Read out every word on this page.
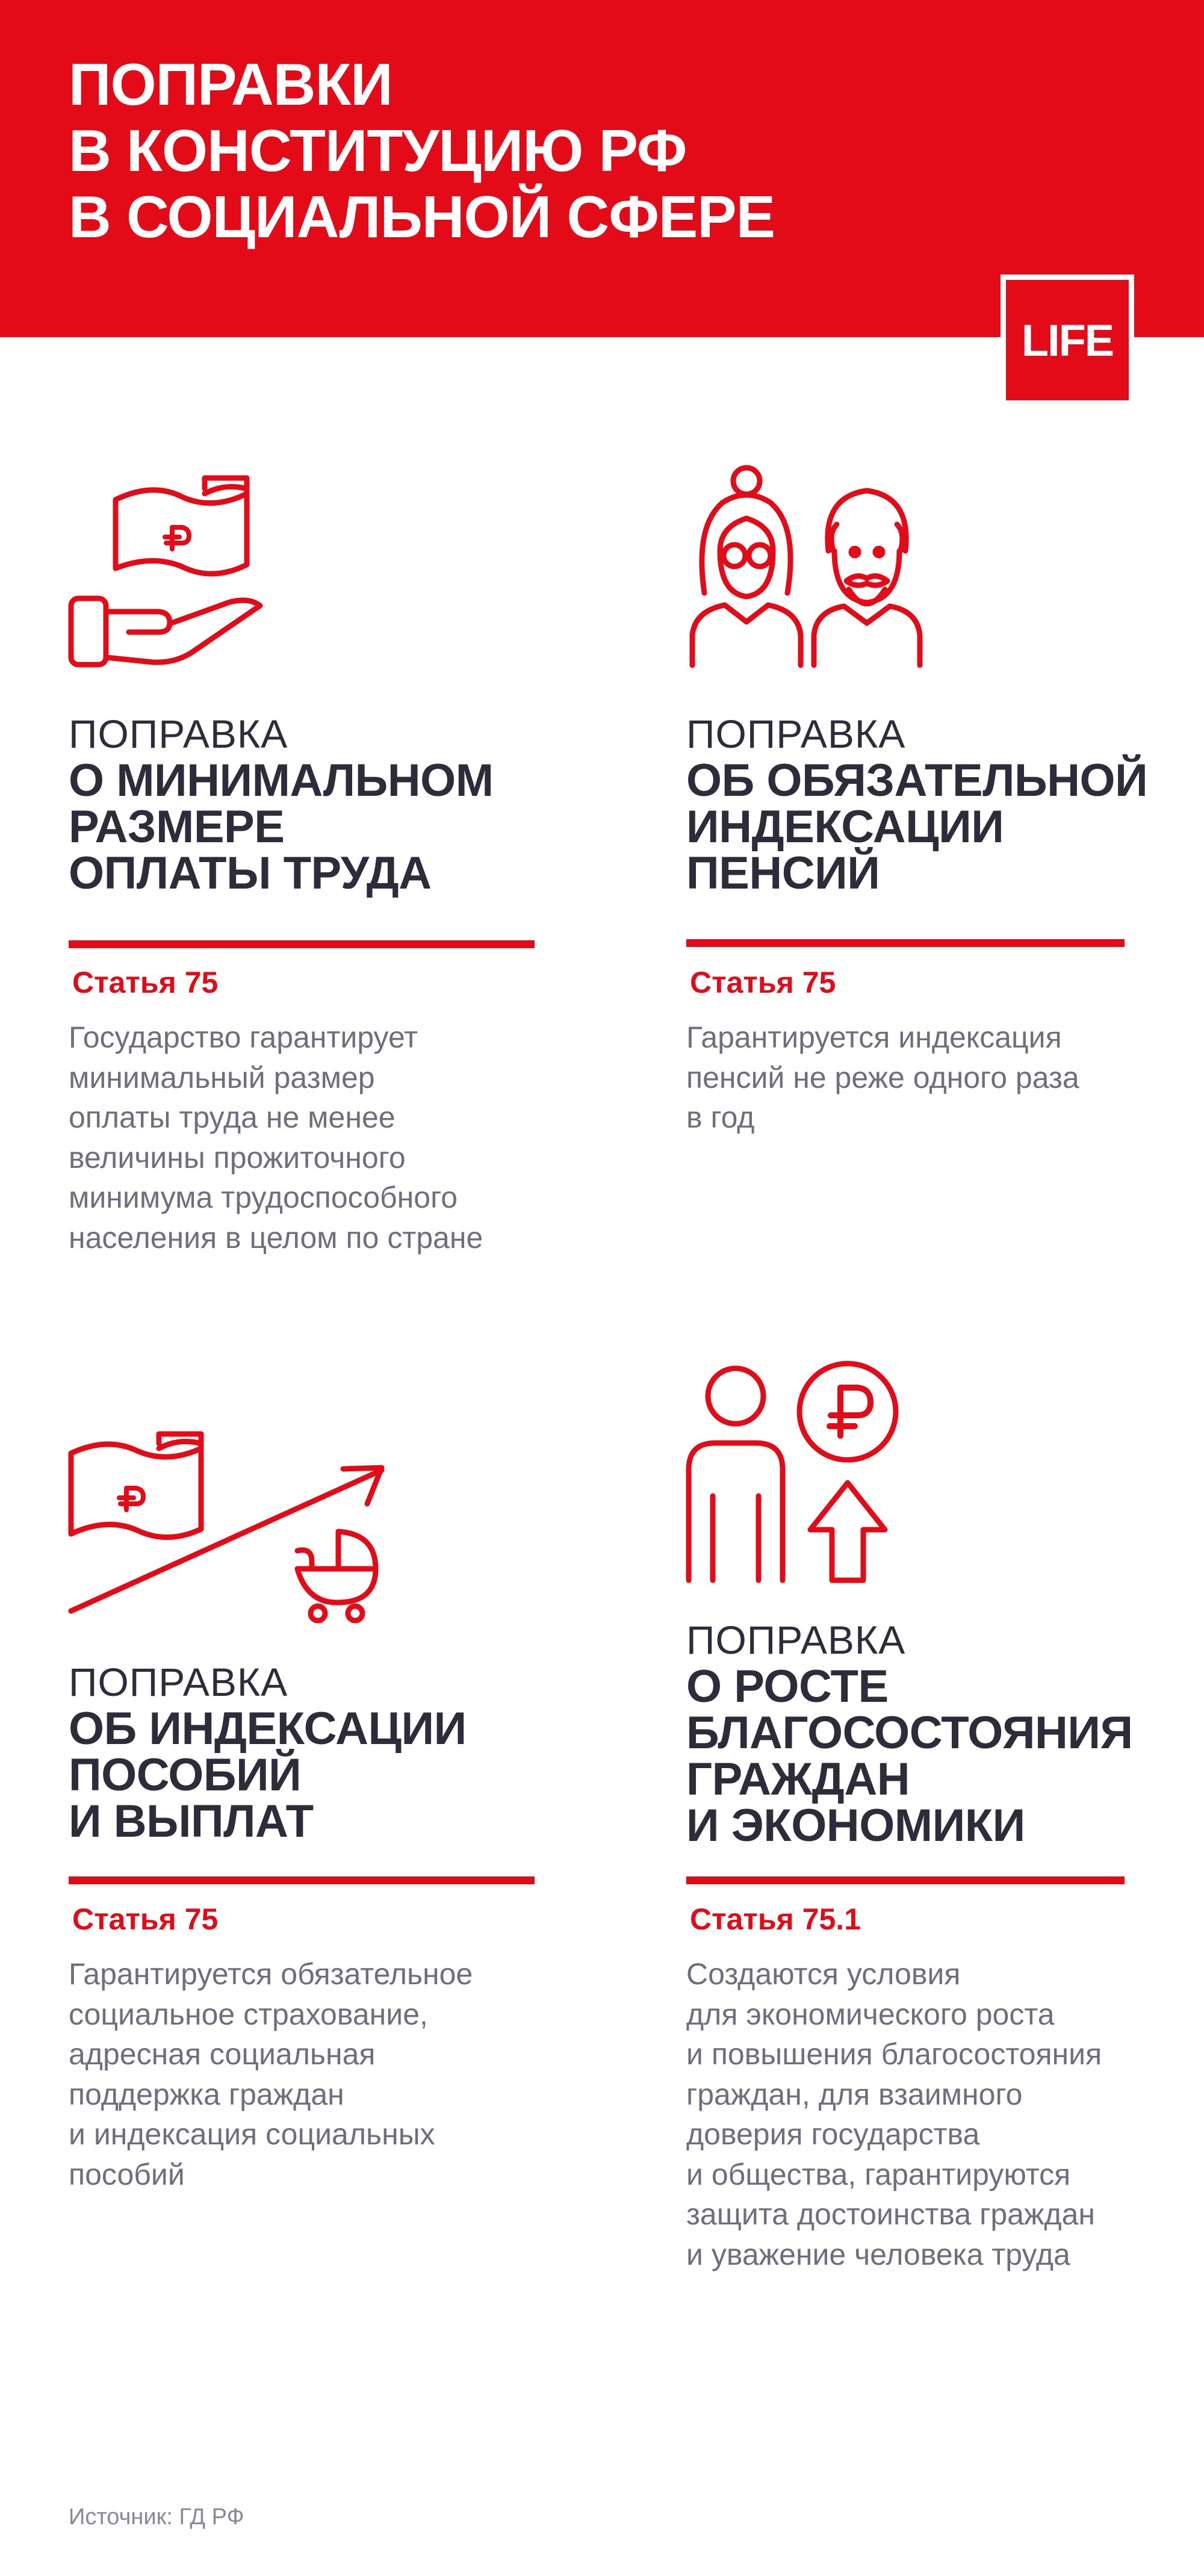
ПОПРАВКИ
В КОНСТИТУЦИЮ РФ
В СОЦИАЛЬНОЙ СФЕРЕ
LIFE
ПОПРАВКА
О МИНИМАЛЬНОМ
РАЗМЕРЕ
ОПЛАТЫ ТРУДА
Статья 75
Государство гарантирует
минимальный размер
оплаты труда не менее
величины прожиточного
минимума трудоспособного
населения в целом по стране
ПОПРАВКА
ОБ ОБЯЗАТЕЛЬНОЙ
ИНДЕКСАЦИИ
ПЕНСИЙ
Статья 75
Гарантируется индексация
пенсий не реже одного раза
в год
ПОПРАВКА
ОБ ИНДЕКСАЦИИ
ПОСОБИЙ
И ВЫПЛАТ
Статья 75
Гарантируется обязательное
социальное страхование,
адресная социальная
поддержка граждан
и индексация социальных
пособий
ПОПРАВКА
О РОСТЕ
БЛАГОСОСТОЯНИЯ
ГРАЖДАН
И ЭКОНОМИКИ
Статья 75.1
Создаются условия
для экономического роста
и повышения благосостояния
граждан, для взаимного
доверия государства
и общества, гарантируются
защита достоинства граждан
и уважение человека труда
Источник: ГД РФ
